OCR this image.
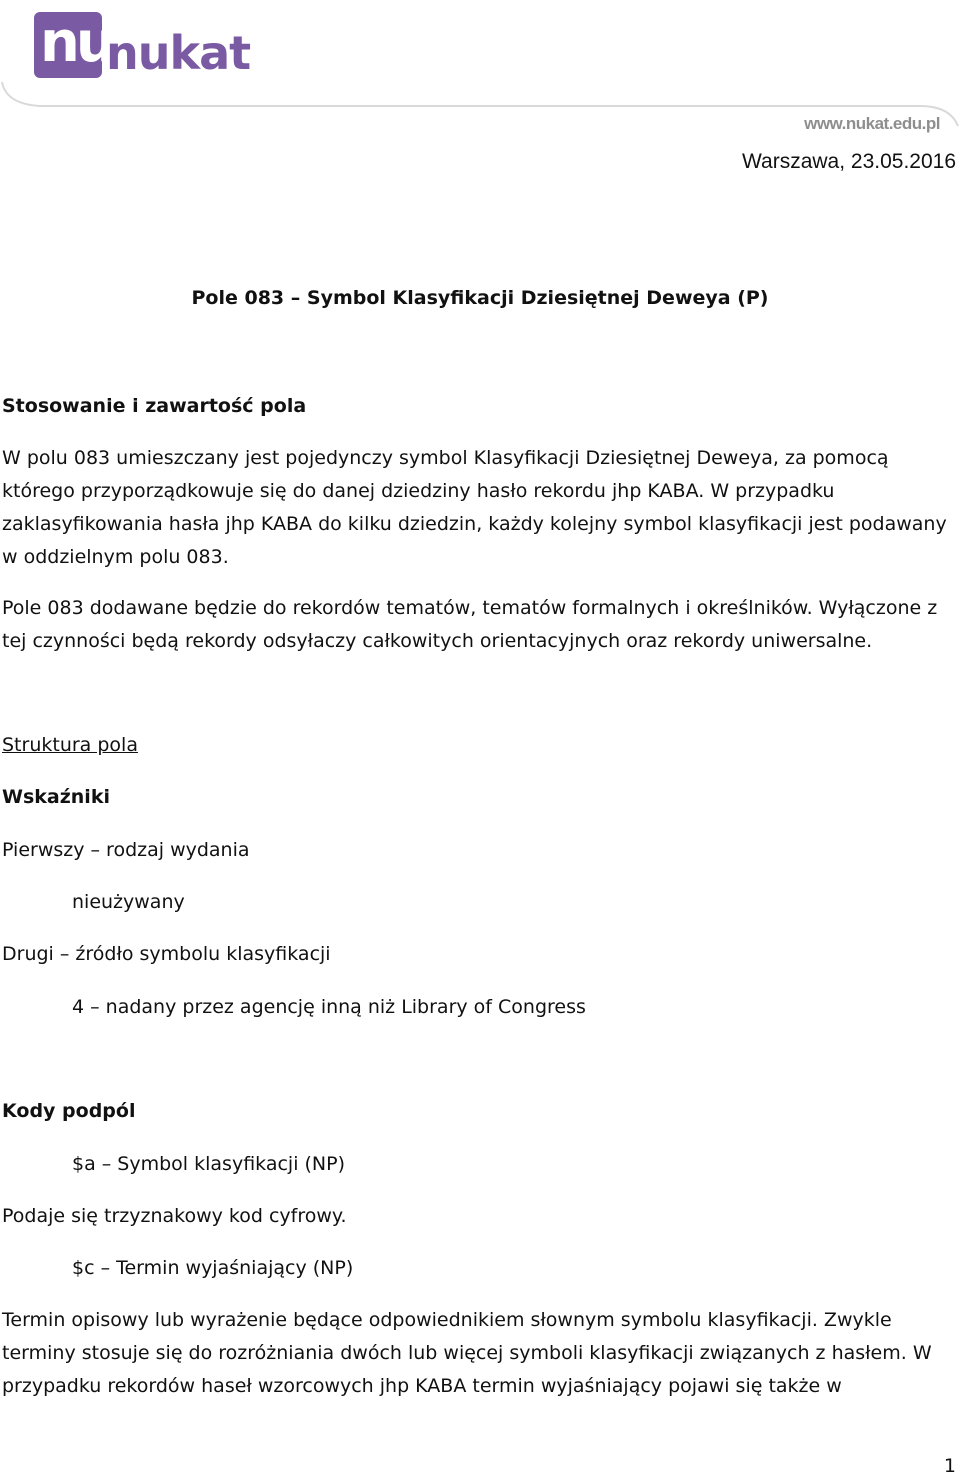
nu
nukat
www.nukat.edu.pl
Warszawa, 23.05.2016
Pole 083 – Symbol Klasyfikacji Dziesiętnej Deweya (P)
Stosowanie i zawartość pola
W polu 083 umieszczany jest pojedynczy symbol Klasyfikacji Dziesiętnej Deweya, za pomocą którego przyporządkowuje się do danej dziedziny hasło rekordu jhp KABA. W przypadku zaklasyfikowania hasła jhp KABA do kilku dziedzin, każdy kolejny symbol klasyfikacji jest podawany w oddzielnym polu 083.
Pole 083 dodawane będzie do rekordów tematów, tematów formalnych i określników. Wyłączone z tej czynności będą rekordy odsyłaczy całkowitych orientacyjnych oraz rekordy uniwersalne.
Struktura pola
Wskaźniki
Pierwszy – rodzaj wydania
nieużywany
Drugi – źródło symbolu klasyfikacji
4 – nadany przez agencję inną niż Library of Congress
Kody podpól
$a – Symbol klasyfikacji (NP)
Podaje się trzyznakowy kod cyfrowy.
$c – Termin wyjaśniający (NP)
Termin opisowy lub wyrażenie będące odpowiednikiem słownym symbolu klasyfikacji. Zwykle terminy stosuje się do rozróżniania dwóch lub więcej symboli klasyfikacji związanych z hasłem. W przypadku rekordów haseł wzorcowych jhp KABA termin wyjaśniający pojawi się także w
1
